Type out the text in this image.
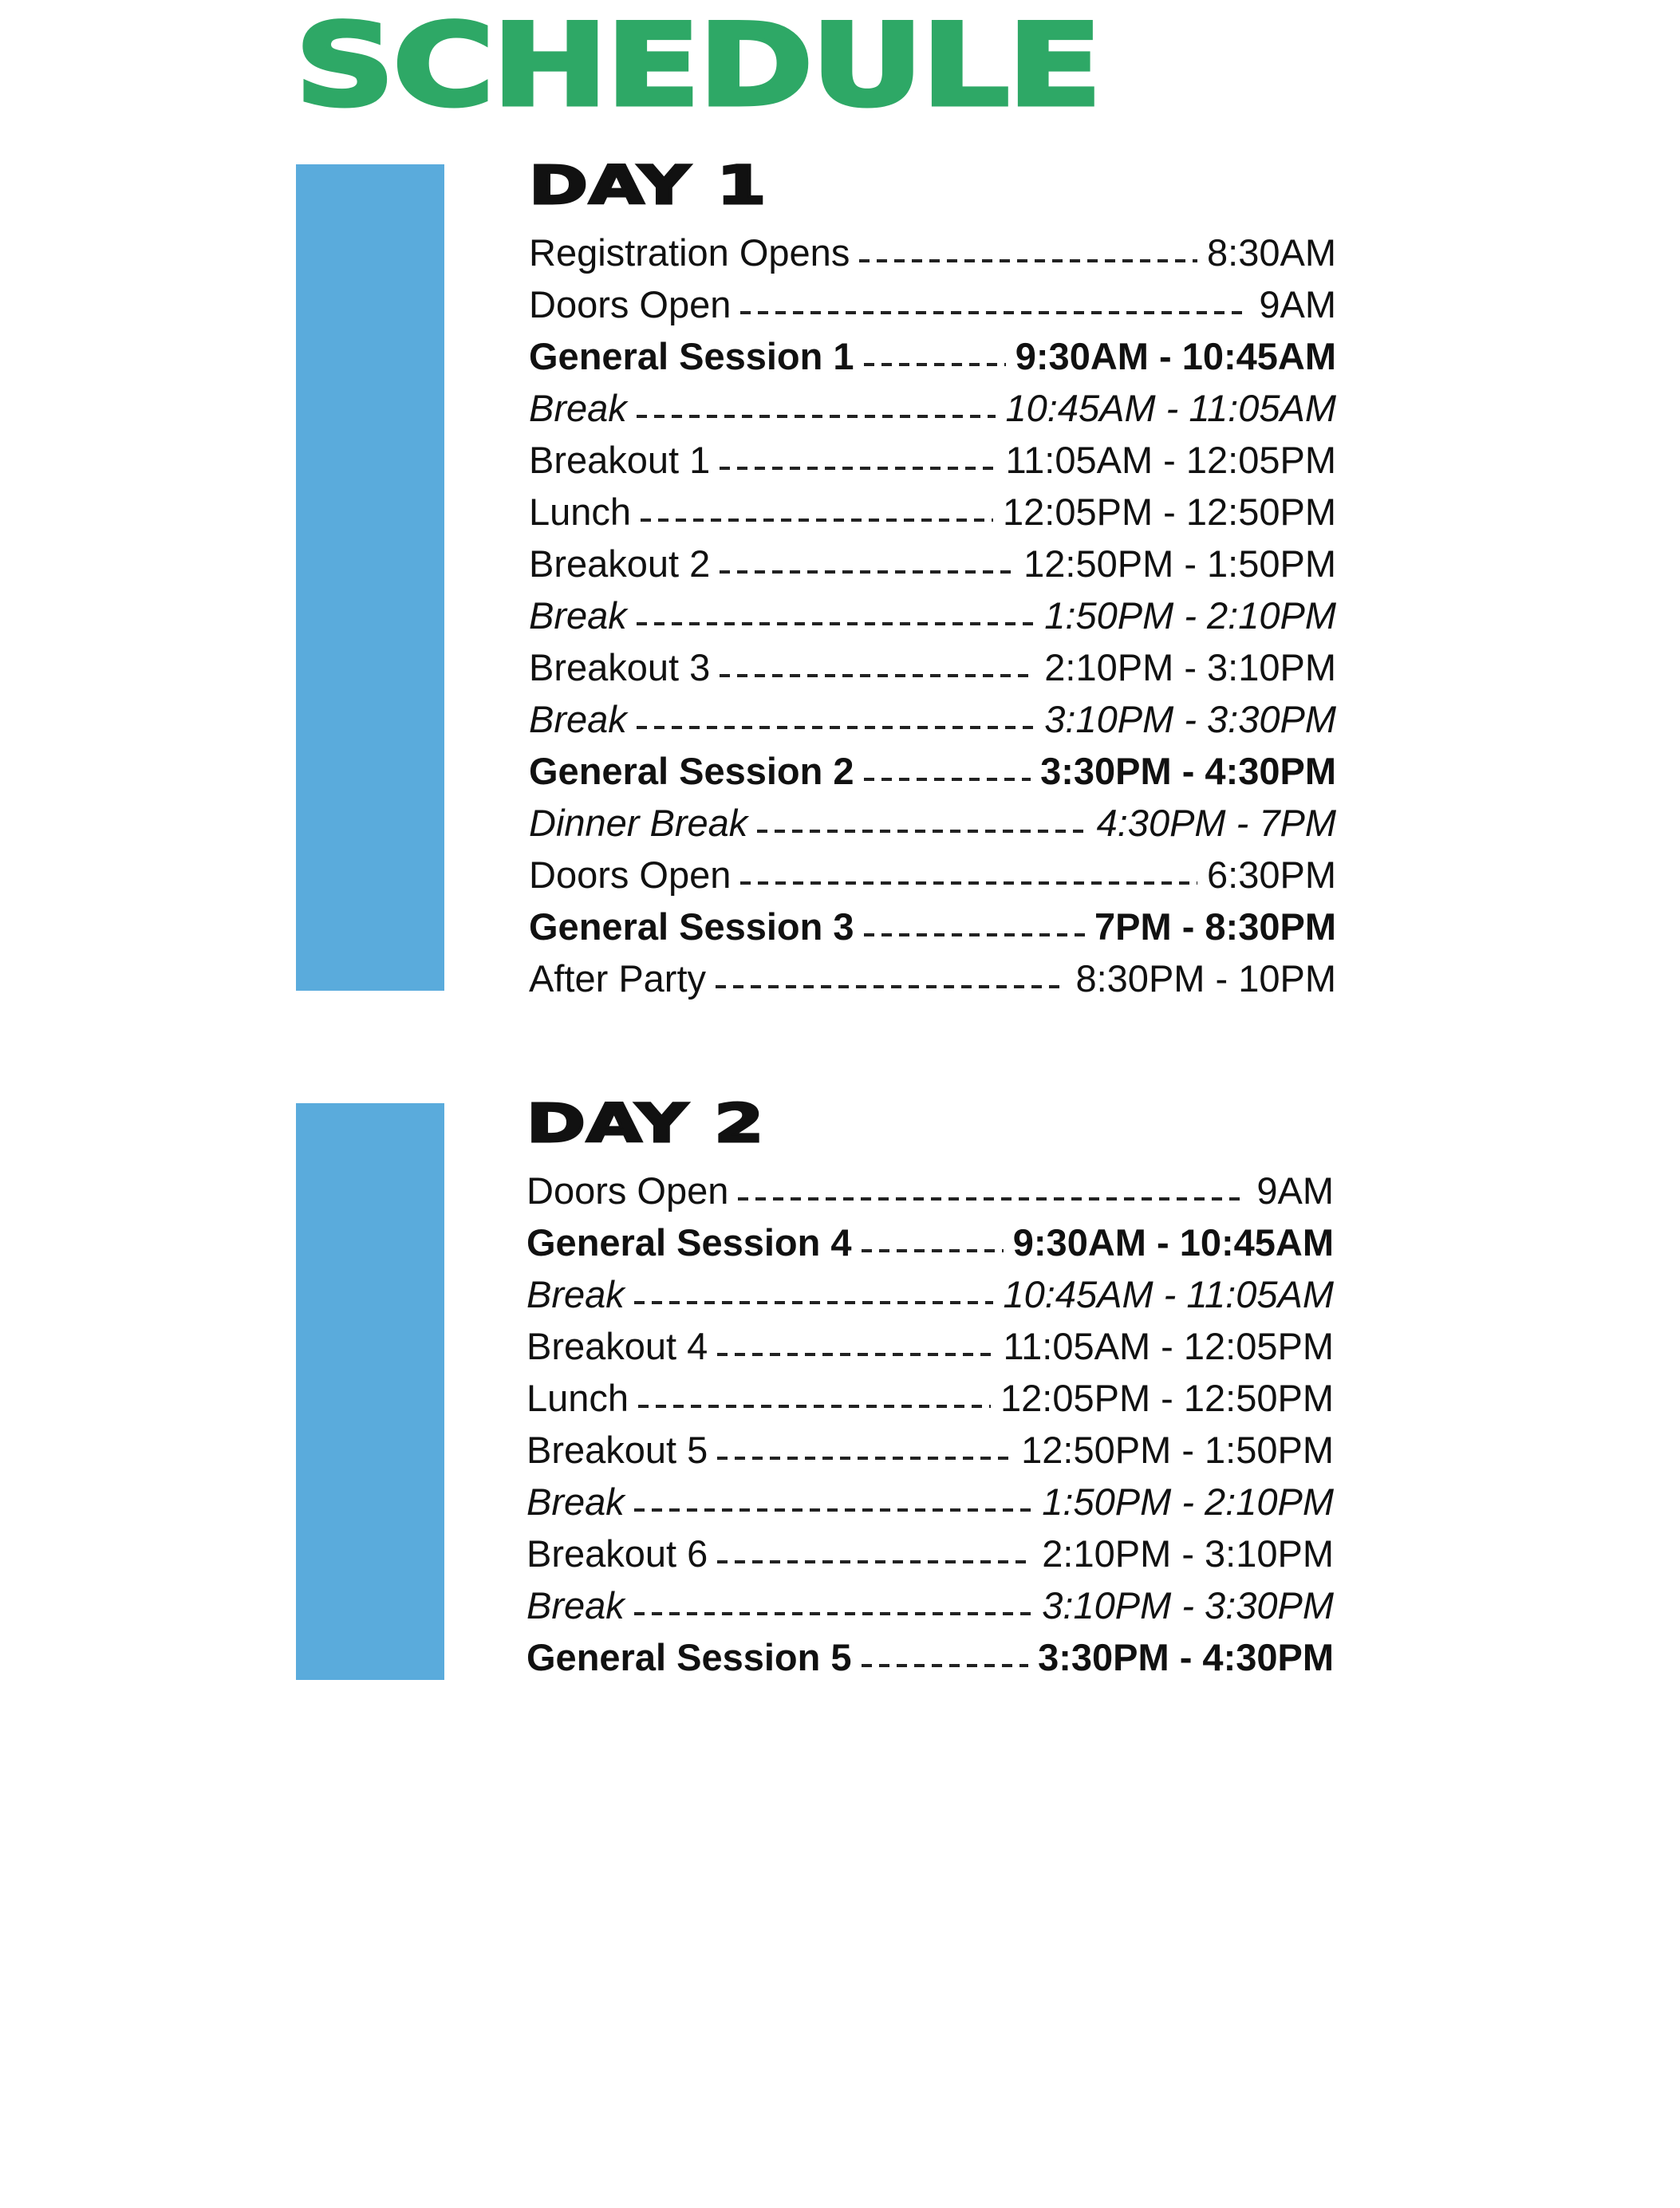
SCHEDULE
URSDAY, FEBRUARY 9
DAY 1
Registration Opens	8:30AM
Doors Open	9AM
General Session 1	9:30AM - 10:45AM
Break	10:45AM - 11:05AM
Breakout 1	11:05AM - 12:05PM
Lunch	12:05PM - 12:50PM
Breakout 2	12:50PM - 1:50PM
Break	1:50PM - 2:10PM
Breakout 3	2:10PM - 3:10PM
Break	3:10PM - 3:30PM
General Session 2	3:30PM - 4:30PM
Dinner Break	4:30PM - 7PM
Doors Open	6:30PM
General Session 3	7PM - 8:30PM
After Party	8:30PM - 10PM
DAY 2
Doors Open	9AM
General Session 4	9:30AM - 10:45AM
Break	10:45AM - 11:05AM
Breakout 4	11:05AM - 12:05PM
Lunch	12:05PM - 12:50PM
Breakout 5	12:50PM - 1:50PM
Break	1:50PM - 2:10PM
Breakout 6	2:10PM - 3:10PM
Break	3:10PM - 3:30PM
General Session 5	3:30PM - 4:30PM
